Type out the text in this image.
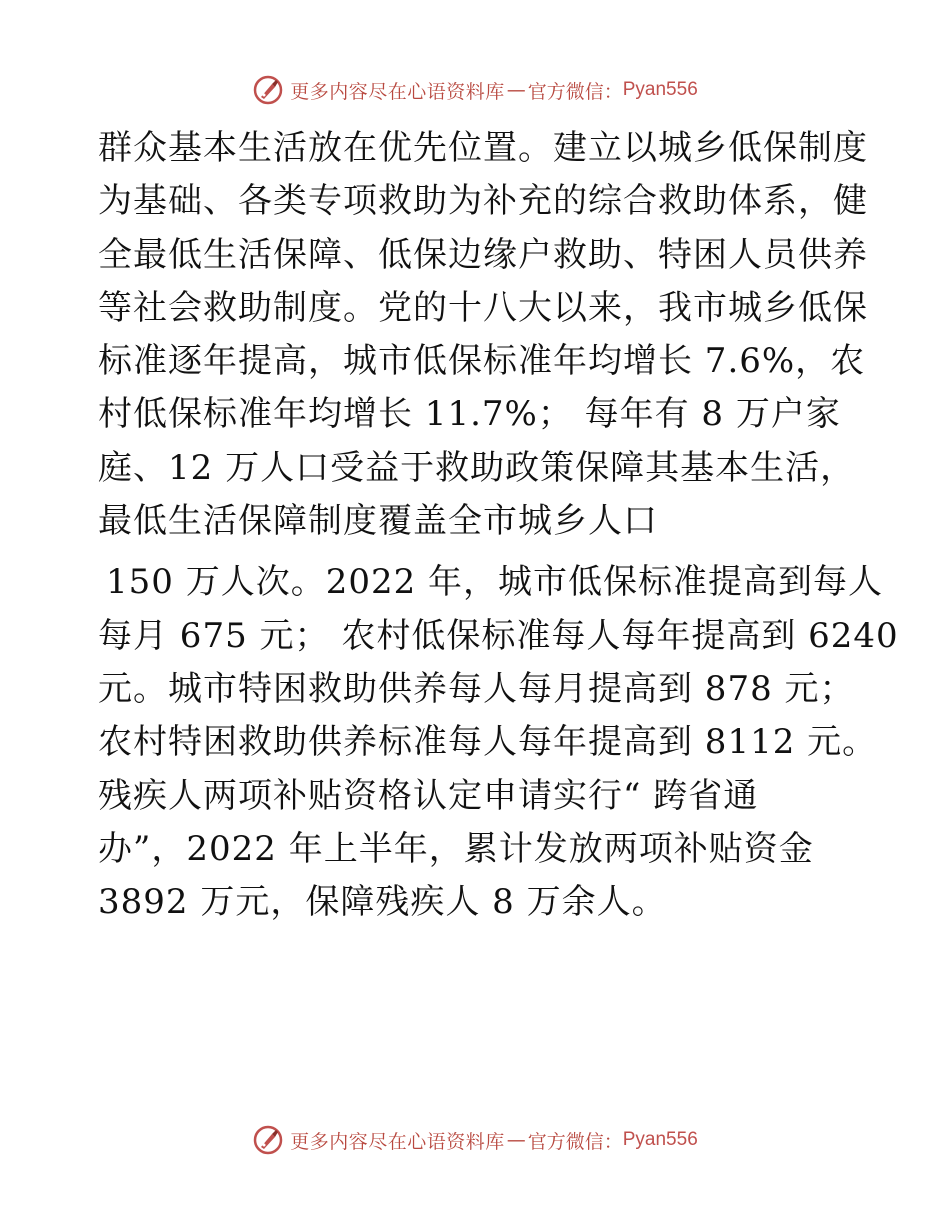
更多内容尽在心语资料库 — 官方微信： Pyan556
群众基本生活放在优先位置。建立以城乡低保制度
为基础、各类专项救助为补充的综合救助体系，健
全最低生活保障、低保边缘户救助、特困人员供养
等社会救助制度。党的十八大以来，我市城乡低保
标准逐年提高，城市低保标准年均增长 7.6%，农
村低保标准年均增长 11.7%； 每年有 8 万户家
庭、12 万人口受益于救助政策保障其基本生活，
最低生活保障制度覆盖全市城乡人口
150 万人次。2022 年，城市低保标准提高到每人
每月 675 元； 农村低保标准每人每年提高到 6240
元。城市特困救助供养每人每月提高到 878 元；
农村特困救助供养标准每人每年提高到 8112 元。
残疾人两项补贴资格认定申请实行“ 跨省通
办”，2022 年上半年，累计发放两项补贴资金
3892 万元，保障残疾人 8 万余人。
更多内容尽在心语资料库 — 官方微信： Pyan556
